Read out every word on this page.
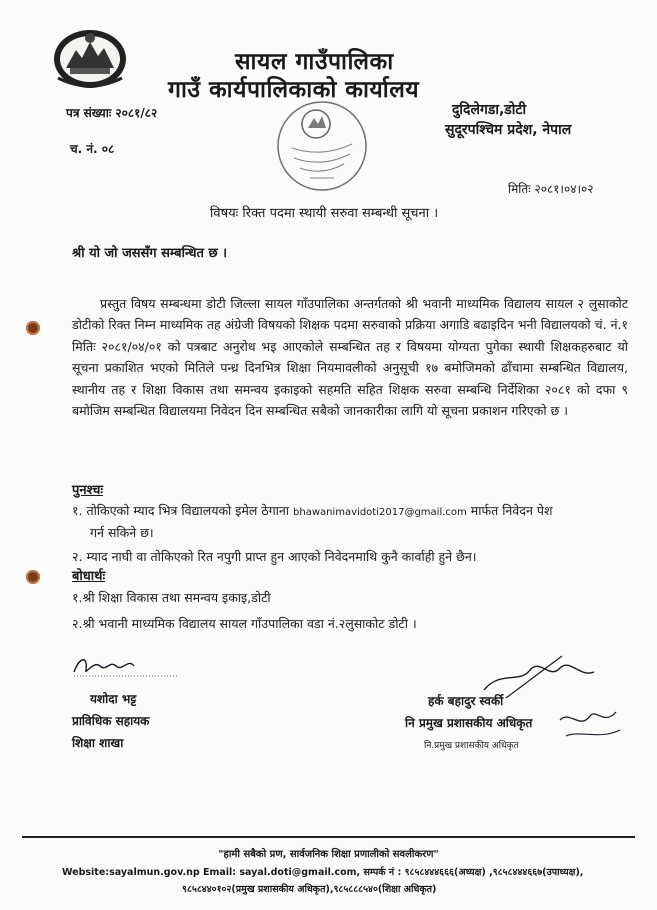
सायल गाउँपालिका
गाउँ कार्यपालिकाको कार्यालय
पत्र संख्याः २०८१/८२
च. नं. ०८
दुदिलेगडा,डोटी
सुदूरपश्चिम प्रदेश, नेपाल
मितिः २०८१।०४।०२
विषयः रिक्त पदमा स्थायी सरुवा सम्बन्धी सूचना ।
श्री यो जो जससँग सम्बन्धित छ ।
प्रस्तुत विषय सम्बन्धमा डोटी जिल्ला सायल गाँउपालिका अन्तर्गतको श्री भवानी माध्यमिक विद्यालय सायल २ लुसाकोट डोटीको रिक्त निम्न माध्यमिक तह अंग्रेजी विषयको शिक्षक पदमा सरुवाको प्रक्रिया अगाडि बढाइदिन भनी विद्यालयको चं. नं.१ मितिः २०८१/०४/०१ को पत्रबाट अनुरोध भइ आएकोले सम्बन्धित तह र विषयमा योग्यता पुगेका स्थायी शिक्षकहरुबाट यो सूचना प्रकाशित भएको मितिले पन्ध्र दिनभित्र शिक्षा नियमावलीको अनुसूची १७ बमोजिमको ढाँचामा सम्बन्धित विद्यालय, स्थानीय तह र शिक्षा विकास तथा समन्वय इकाइको सहमति सहित शिक्षक सरुवा सम्बन्धि निर्देशिका २०८१ को दफा ९ बमोजिम सम्बन्धित विद्यालयमा निवेदन दिन सम्बन्धित सबैको जानकारीका लागि यो सूचना प्रकाशन गरिएको छ ।
पुनश्चः
१. तोकिएको म्याद भित्र विद्यालयको इमेल ठेगाना bhawanimavidoti2017@gmail.com मार्फत निवेदन पेश
गर्न सकिने छ।
२. म्याद नाघी वा तोकिएको रित नपुगी प्राप्त हुन आएको निवेदनमाथि कुनै कार्वाही हुने छैन।
बोधार्थः
१.श्री शिक्षा विकास तथा समन्वय इकाइ,डोटी
२.श्री भवानी माध्यमिक विद्यालय सायल गाँउपालिका वडा नं.२लुसाकोट डोटी ।
यशोदा भट्ट
प्राविधिक सहायक
शिक्षा शाखा
हर्क बहादुर स्वर्की
नि प्रमुख प्रशासकीय अधिकृत
नि.प्रमुख प्रशासकीय अधिकृत
"हामी सबैको प्रण, सार्वजनिक शिक्षा प्रणालीको सवलीकरण"
Website:sayalmun.gov.np Email: sayal.doti@gmail.com, सम्पर्क नं : ९८५८४४४६६६(अध्यक्ष) ,९८५८४४४६६७(उपाध्यक्ष),
९८५८४४०१०२(प्रमुख प्रशासकीय अधिकृत),९८५८८८५४०(शिक्षा अधिकृत)
